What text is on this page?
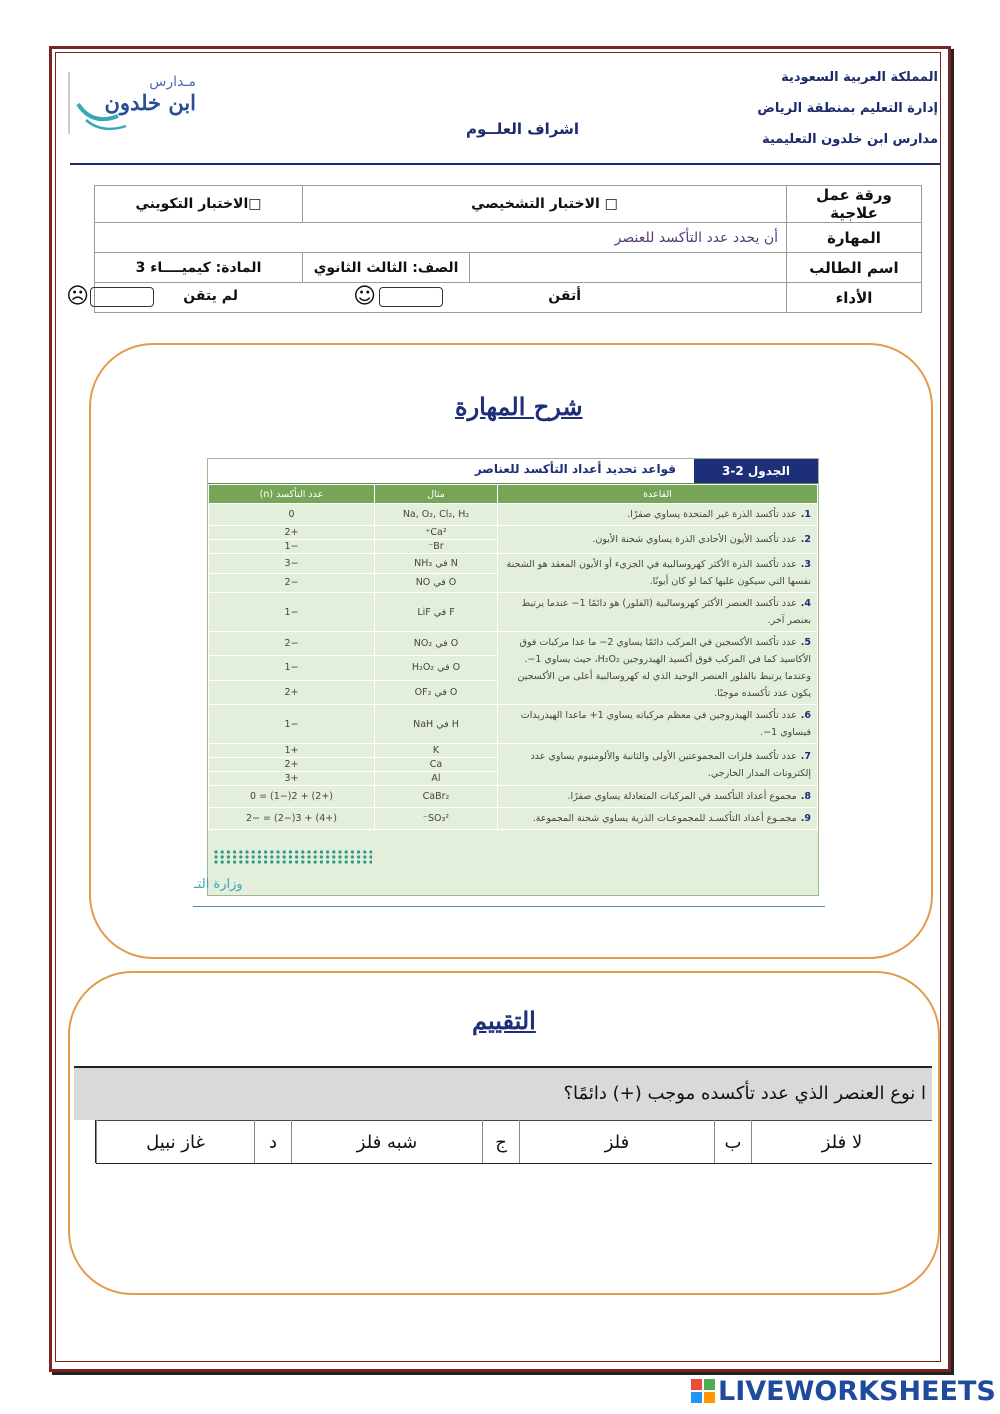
مـدارس
ابن خلدون
المملكة العربية السعودية
إدارة التعليم بمنطقة الرياض
مدارس ابن خلدون التعليمية
اشراف العلــوم
ورقة عمل علاجية	□ الاختبار التشخيصي		□الاختبار التكويني
المهارة	أن يحدد عدد التأكسد للعنصر		
اسم الطالب		الصف: الثالث الثانوي	المادة: كيميــــاء 3
الأداء	أتقن
☺
لم يتقن
☹		
شرح المهارة
الجدول 2-3
قواعد تحديد أعداد التأكسد للعناصر
القاعدة	مثال	عدد التأكسد (n)
1.عدد تأكسد الذرة غير المتحدة يساوي صفرًا.	Na, O₂, Cl₂, H₂	0
2.عدد تأكسد الأيون الأحادي الذرة يساوي شحنة الأيون.	Ca²⁺	+2
	Br⁻	−1
3.عدد تأكسد الذرة الأكثر كهروسالبية في الجزيء أو الأيون المعقد هو الشحنة نفسها التي سيكون عليها كما لو كان أيونًا.	N في NH₃	−3
	O في NO	−2
4.عدد تأكسد العنصر الأكثر كهروسالبية (الفلور) هو دائمًا 1− عندما يرتبط بعنصر آخر.	F في LiF	−1
5.عدد تأكسد الأكسجين في المركب دائمًا يساوي 2− ما عدا مركبات فوق الأكاسيد كما في المركب فوق أكسيد الهيدروجين H₂O₂، حيث يساوي 1−. وعندما يرتبط بالفلور العنصر الوحيد الذي له كهروسالبية أعلى من الأكسجين يكون عدد تأكسده موجبًا.	O في NO₂	−2
	O في H₂O₂	−1
	O في OF₂	+2
6.عدد تأكسد الهيدروجين في معظم مركباته يساوي 1+ ماعدا الهيدريدات فيساوي 1−.	H في NaH	−1
7.عدد تأكسد فلزات المجموعتين الأولى والثانية والألومنيوم يساوي عدد إلكترونات المدار الخارجي.	K	+1
	Ca	+2
	Al	+3
8.مجموع أعداد التأكسد في المركبات المتعادلة يساوي صفرًا.	CaBr₂	(+2) + 2(−1) = 0
9.مجمـوع أعداد التأكسـد للمجموعـات الذرية يساوي شحنة المجموعة.	SO₃²⁻	(+4) + 3(−2) = −2
وزارة التـ
التقييم
ا نوع العنصر الذي عدد تأكسده موجب (+) دائمًا؟
لا فلز	ب	فلز	ج	شبه فلز	د	غاز نبيل
LIVEWORKSHEETS
